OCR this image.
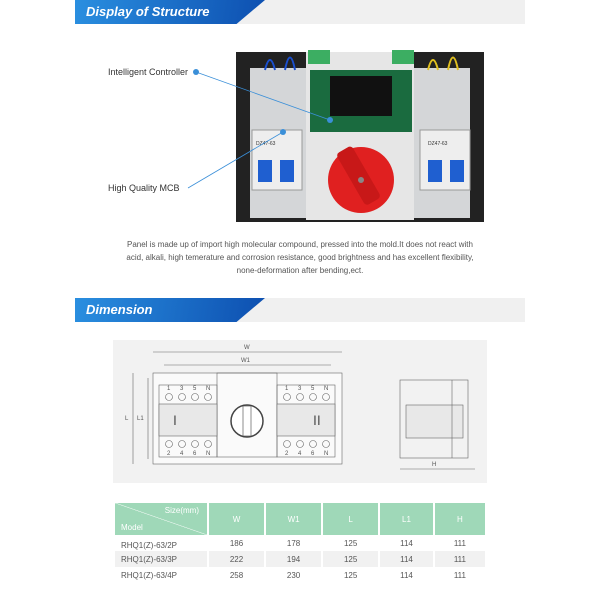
Display of Structure
DZ47-63	DZ47-63
Intelligent Controller
High Quality MCB
Panel is made up of import high molecular compound, pressed into the mold.It does not react with acid, alkali, high temerature and corrosion resistance, good brightness and has excellent flexibility, none-deformation after bending,ect.
Dimension
W
W1
L L1
1 3 5 N	1 3 5 N
2 4 6 N	2 4 6 N
I	II
H
Size(mm)
Model	W	W1	L	L1	H
RHQ1(Z)-63/2P	186	178	125	114	111
RHQ1(Z)-63/3P	222	194	125	114	111
RHQ1(Z)-63/4P	258	230	125	114	111
